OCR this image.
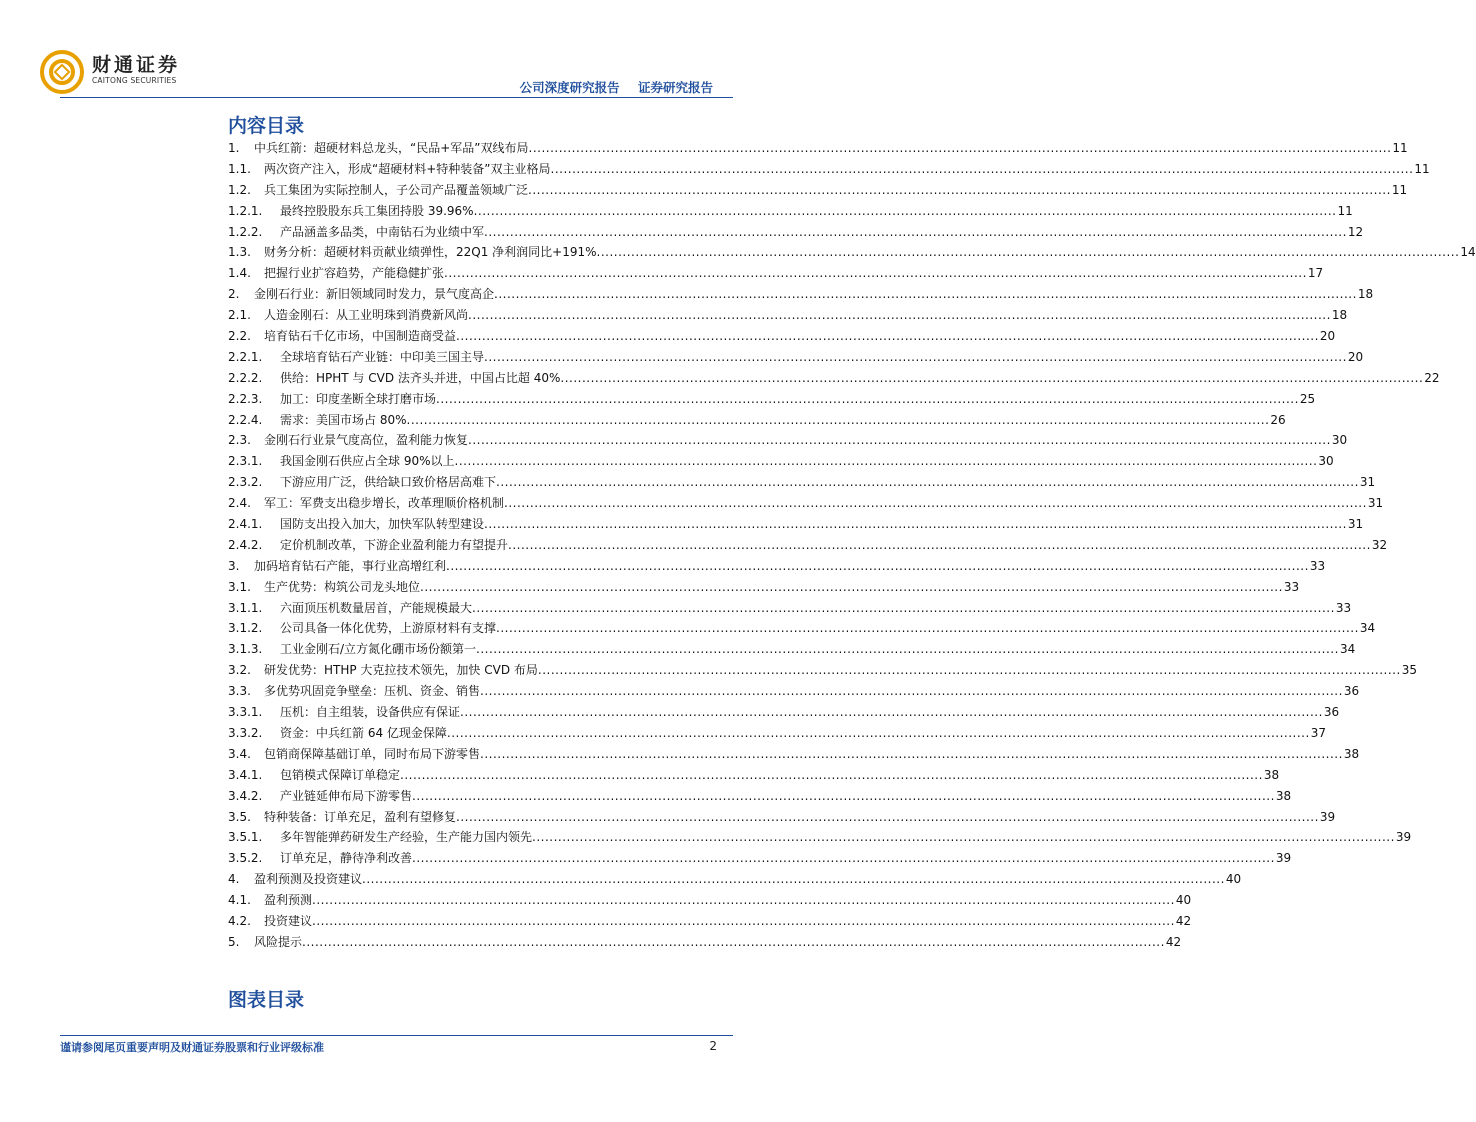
财通证券
CAITONG SECURITIES	公司深度研究报告 证券研究报告
内容目录
1. 中兵红箭：超硬材料总龙头，“民品+军品”双线布局 ........................................................................................................................................................................................................ 11
1.1. 两次资产注入，形成“超硬材料+特种装备”双主业格局 ........................................................................................................................................................................................................ 11
1.2. 兵工集团为实际控制人，子公司产品覆盖领域广泛 ........................................................................................................................................................................................................ 11
1.2.1. 最终控股股东兵工集团持股 39.96% ........................................................................................................................................................................................................ 11
1.2.2. 产品涵盖多品类，中南钻石为业绩中军 ........................................................................................................................................................................................................ 12
1.3. 财务分析：超硬材料贡献业绩弹性，22Q1 净利润同比+191% ........................................................................................................................................................................................................ 14
1.4. 把握行业扩容趋势，产能稳健扩张 ........................................................................................................................................................................................................ 17
2. 金刚石行业：新旧领域同时发力，景气度高企 ........................................................................................................................................................................................................ 18
2.1. 人造金刚石：从工业明珠到消费新风尚 ........................................................................................................................................................................................................ 18
2.2. 培育钻石千亿市场，中国制造商受益 ........................................................................................................................................................................................................ 20
2.2.1. 全球培育钻石产业链：中印美三国主导 ........................................................................................................................................................................................................ 20
2.2.2. 供给：HPHT 与 CVD 法齐头并进，中国占比超 40% ........................................................................................................................................................................................................ 22
2.2.3. 加工：印度垄断全球打磨市场 ........................................................................................................................................................................................................ 25
2.2.4. 需求：美国市场占 80% ........................................................................................................................................................................................................ 26
2.3. 金刚石行业景气度高位，盈利能力恢复 ........................................................................................................................................................................................................ 30
2.3.1. 我国金刚石供应占全球 90%以上 ........................................................................................................................................................................................................ 30
2.3.2. 下游应用广泛，供给缺口致价格居高难下 ........................................................................................................................................................................................................ 31
2.4. 军工：军费支出稳步增长，改革理顺价格机制 ........................................................................................................................................................................................................ 31
2.4.1. 国防支出投入加大，加快军队转型建设 ........................................................................................................................................................................................................ 31
2.4.2. 定价机制改革，下游企业盈利能力有望提升 ........................................................................................................................................................................................................ 32
3. 加码培育钻石产能，事行业高增红利 ........................................................................................................................................................................................................ 33
3.1. 生产优势：构筑公司龙头地位 ........................................................................................................................................................................................................ 33
3.1.1. 六面顶压机数量居首，产能规模最大 ........................................................................................................................................................................................................ 33
3.1.2. 公司具备一体化优势，上游原材料有支撑 ........................................................................................................................................................................................................ 34
3.1.3. 工业金刚石/立方氮化硼市场份额第一 ........................................................................................................................................................................................................ 34
3.2. 研发优势：HTHP 大克拉技术领先，加快 CVD 布局 ........................................................................................................................................................................................................ 35
3.3. 多优势巩固竞争壁垒：压机、资金、销售 ........................................................................................................................................................................................................ 36
3.3.1. 压机：自主组装，设备供应有保证 ........................................................................................................................................................................................................ 36
3.3.2. 资金：中兵红箭 64 亿现金保障 ........................................................................................................................................................................................................ 37
3.4. 包销商保障基础订单，同时布局下游零售 ........................................................................................................................................................................................................ 38
3.4.1. 包销模式保障订单稳定 ........................................................................................................................................................................................................ 38
3.4.2. 产业链延伸布局下游零售 ........................................................................................................................................................................................................ 38
3.5. 特种装备：订单充足，盈利有望修复 ........................................................................................................................................................................................................ 39
3.5.1. 多年智能弹药研发生产经验，生产能力国内领先 ........................................................................................................................................................................................................ 39
3.5.2. 订单充足，静待净利改善 ........................................................................................................................................................................................................ 39
4. 盈利预测及投资建议 ........................................................................................................................................................................................................ 40
4.1. 盈利预测 ........................................................................................................................................................................................................ 40
4.2. 投资建议 ........................................................................................................................................................................................................ 42
5. 风险提示 ........................................................................................................................................................................................................ 42
图表目录
谨请参阅尾页重要声明及财通证券股票和行业评级标准	2
